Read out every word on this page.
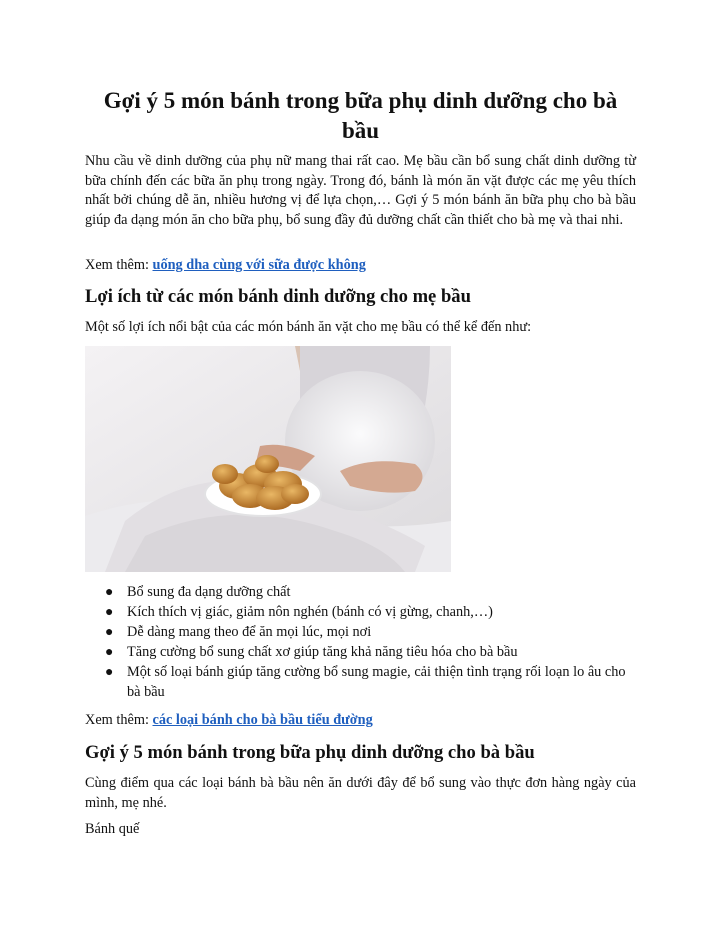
Gợi ý 5 món bánh trong bữa phụ dinh dưỡng cho bà bầu

Nhu cầu về dinh dưỡng của phụ nữ mang thai rất cao. Mẹ bầu cần bổ sung chất dinh dưỡng từ bữa chính đến các bữa ăn phụ trong ngày. Trong đó, bánh là món ăn vặt được các mẹ yêu thích nhất bởi chúng dễ ăn, nhiều hương vị để lựa chọn,… Gợi ý 5 món bánh ăn bữa phụ cho bà bầu giúp đa dạng món ăn cho bữa phụ, bổ sung đầy đủ dưỡng chất cần thiết cho bà mẹ và thai nhi.

Xem thêm: uống dha cùng với sữa được không

Lợi ích từ các món bánh dinh dưỡng cho mẹ bầu

Một số lợi ích nổi bật của các món bánh ăn vặt cho mẹ bầu có thể kể đến như:

● Bổ sung đa dạng dưỡng chất
● Kích thích vị giác, giảm nôn nghén (bánh có vị gừng, chanh,…)
● Dễ dàng mang theo để ăn mọi lúc, mọi nơi
● Tăng cường bổ sung chất xơ giúp tăng khả năng tiêu hóa cho bà bầu
● Một số loại bánh giúp tăng cường bổ sung magie, cải thiện tình trạng rối loạn lo âu cho bà bầu

Xem thêm: các loại bánh cho bà bầu tiểu đường

Gợi ý 5 món bánh trong bữa phụ dinh dưỡng cho bà bầu

Cùng điểm qua các loại bánh bà bầu nên ăn dưới đây để bổ sung vào thực đơn hàng ngày của mình, mẹ nhé.

Bánh quế
